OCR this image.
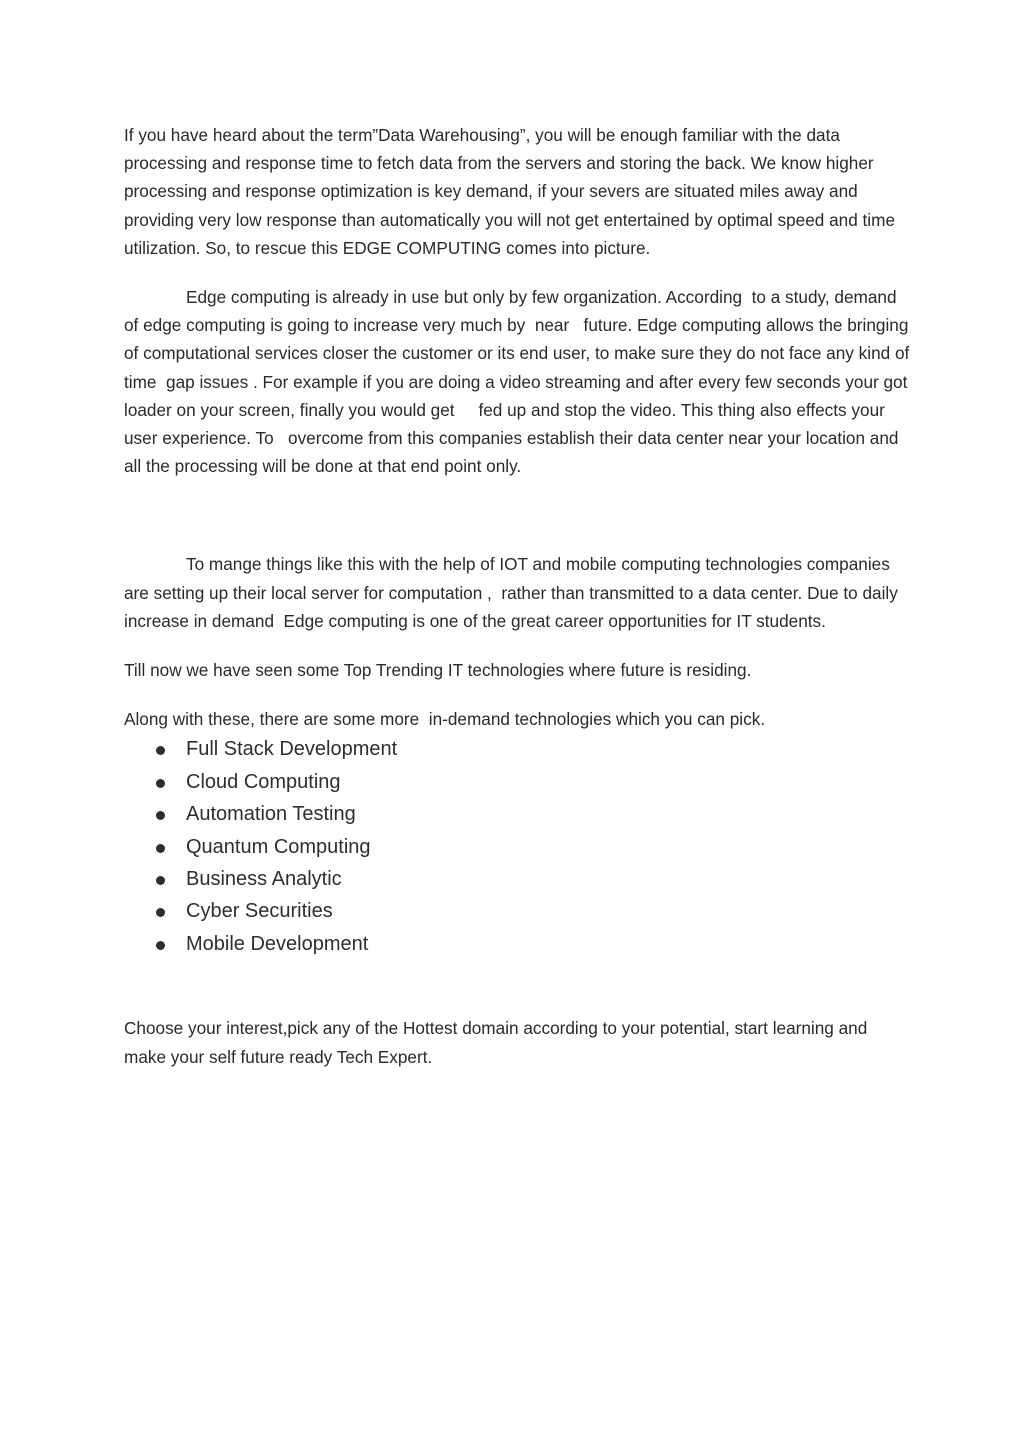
If you have heard about the term”Data Warehousing”, you will be enough familiar with the data processing and response time to fetch data from the servers and storing the back. We know higher processing and response optimization is key demand, if your severs are situated miles away and providing very low response than automatically you will not get entertained by optimal speed and time utilization. So, to rescue this EDGE COMPUTING comes into picture.

Edge computing is already in use but only by few organization. According  to a study, demand of edge computing is going to increase very much by  near   future. Edge computing allows the bringing of computational services closer the customer or its end user, to make sure they do not face any kind of  time  gap issues . For example if you are doing a video streaming and after every few seconds your got loader on your screen, finally you would get     fed up and stop the video. This thing also effects your user experience. To   overcome from this companies establish their data center near your location and all the processing will be done at that end point only.

To mange things like this with the help of IOT and mobile computing technologies companies are setting up their local server for computation ,  rather than transmitted to a data center. Due to daily increase in demand  Edge computing is one of the great career opportunities for IT students.

Till now we have seen some Top Trending IT technologies where future is residing.

Along with these, there are some more  in-demand technologies which you can pick.

Full Stack Development
Cloud Computing
Automation Testing
Quantum Computing
Business Analytic
Cyber Securities
Mobile Development

Choose your interest,pick any of the Hottest domain according to your potential, start learning and make your self future ready Tech Expert.
